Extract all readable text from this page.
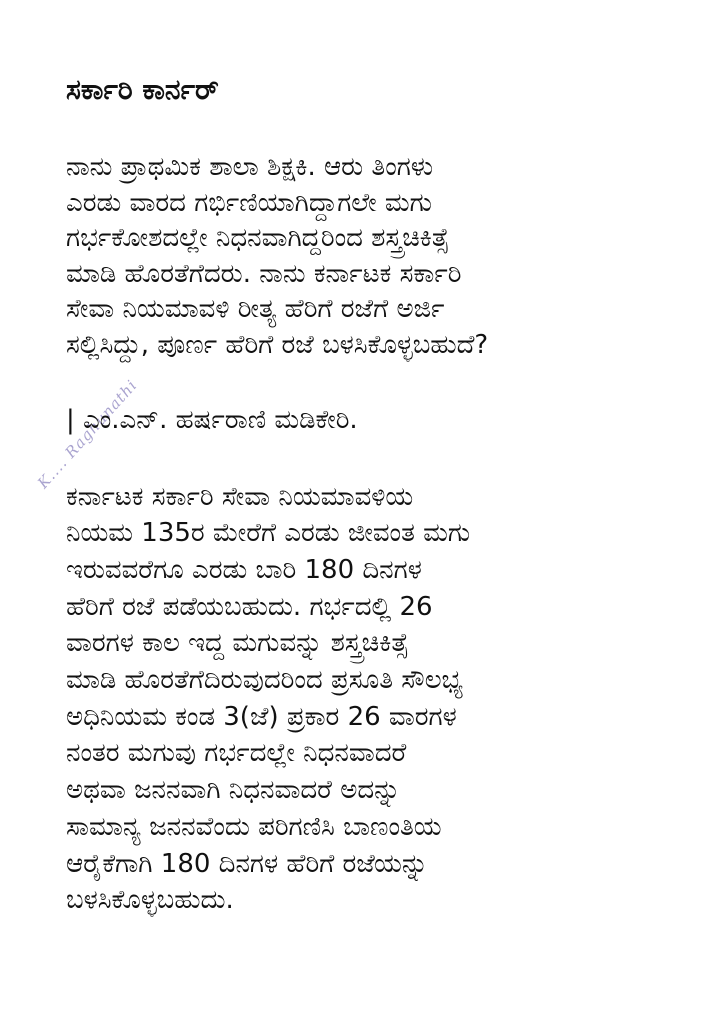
K.... Raghunathi
ಸರ್ಕಾರಿ ಕಾರ್ನರ್

ನಾನು ಪ್ರಾಥಮಿಕ ಶಾಲಾ ಶಿಕ್ಷಕಿ. ಆರು ತಿಂಗಳು
ಎರಡು ವಾರದ ಗರ್ಭಿಣಿಯಾಗಿದ್ದಾಗಲೇ ಮಗು
ಗರ್ಭಕೋಶದಲ್ಲೇ ನಿಧನವಾಗಿದ್ದರಿಂದ ಶಸ್ತ್ರಚಿಕಿತ್ಸೆ
ಮಾಡಿ ಹೊರತೆಗೆದರು. ನಾನು ಕರ್ನಾಟಕ ಸರ್ಕಾರಿ
ಸೇವಾ ನಿಯಮಾವಳಿ ರೀತ್ಯ ಹೆರಿಗೆ ರಜೆಗೆ ಅರ್ಜಿ
ಸಲ್ಲಿಸಿದ್ದು, ಪೂರ್ಣ ಹೆರಿಗೆ ರಜೆ ಬಳಸಿಕೊಳ್ಳಬಹುದೆ?

| ಎಂ.ಎನ್. ಹರ್ಷರಾಣಿ ಮಡಿಕೇರಿ.

ಕರ್ನಾಟಕ ಸರ್ಕಾರಿ ಸೇವಾ ನಿಯಮಾವಳಿಯ
ನಿಯಮ 135ರ ಮೇರೆಗೆ ಎರಡು ಜೀವಂತ ಮಗು
ಇರುವವರೆಗೂ ಎರಡು ಬಾರಿ 180 ದಿನಗಳ
ಹೆರಿಗೆ ರಜೆ ಪಡೆಯಬಹುದು. ಗರ್ಭದಲ್ಲಿ 26
ವಾರಗಳ ಕಾಲ ಇದ್ದ ಮಗುವನ್ನು ಶಸ್ತ್ರಚಿಕಿತ್ಸೆ
ಮಾಡಿ ಹೊರತೆಗೆದಿರುವುದರಿಂದ ಪ್ರಸೂತಿ ಸೌಲಭ್ಯ
ಅಧಿನಿಯಮ ಕಂಡ 3(ಜೆ) ಪ್ರಕಾರ 26 ವಾರಗಳ
ನಂತರ ಮಗುವು ಗರ್ಭದಲ್ಲೇ ನಿಧನವಾದರೆ
ಅಥವಾ ಜನನವಾಗಿ ನಿಧನವಾದರೆ ಅದನ್ನು
ಸಾಮಾನ್ಯ ಜನನವೆಂದು ಪರಿಗಣಿಸಿ ಬಾಣಂತಿಯ
ಆರೈಕೆಗಾಗಿ 180 ದಿನಗಳ ಹೆರಿಗೆ ರಜೆಯನ್ನು
ಬಳಸಿಕೊಳ್ಳಬಹುದು.
